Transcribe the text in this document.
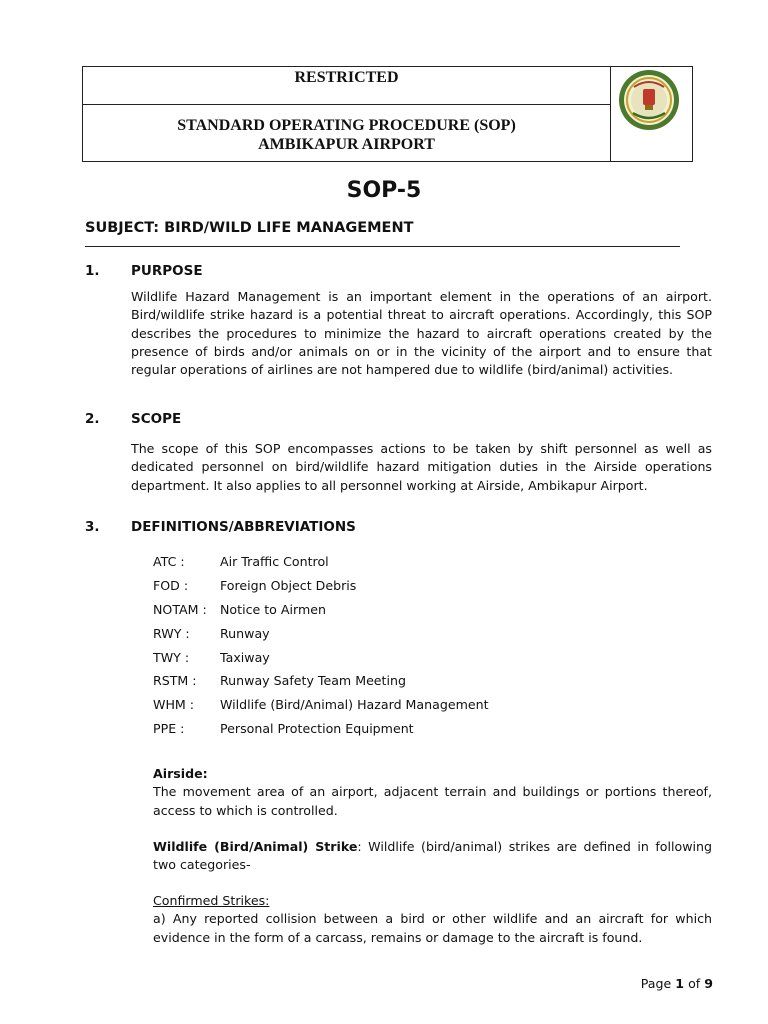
RESTRICTED
STANDARD OPERATING PROCEDURE (SOP)
AMBIKAPUR AIRPORT
SOP-5
SUBJECT: BIRD/WILD LIFE MANAGEMENT
1. PURPOSE

Wildlife Hazard Management is an important element in the operations of an airport. Bird/wildlife strike hazard is a potential threat to aircraft operations. Accordingly, this SOP describes the procedures to minimize the hazard to aircraft operations created by the presence of birds and/or animals on or in the vicinity of the airport and to ensure that regular operations of airlines are not hampered due to wildlife (bird/animal) activities.

2. SCOPE

The scope of this SOP encompasses actions to be taken by shift personnel as well as dedicated personnel on bird/wildlife hazard mitigation duties in the Airside operations department. It also applies to all personnel working at Airside, Ambikapur Airport.

3. DEFINITIONS/ABBREVIATIONS
ATC :	Air Traffic Control
FOD :	Foreign Object Debris
NOTAM :	Notice to Airmen
RWY :	Runway
TWY :	Taxiway
RSTM :	Runway Safety Team Meeting
WHM :	Wildlife (Bird/Animal) Hazard Management
PPE :	Personal Protection Equipment
Airside:
The movement area of an airport, adjacent terrain and buildings or portions thereof, access to which is controlled.

Wildlife (Bird/Animal) Strike: Wildlife (bird/animal) strikes are defined in following two categories-

Confirmed Strikes:
a) Any reported collision between a bird or other wildlife and an aircraft for which evidence in the form of a carcass, remains or damage to the aircraft is found.
Page 1 of 9
